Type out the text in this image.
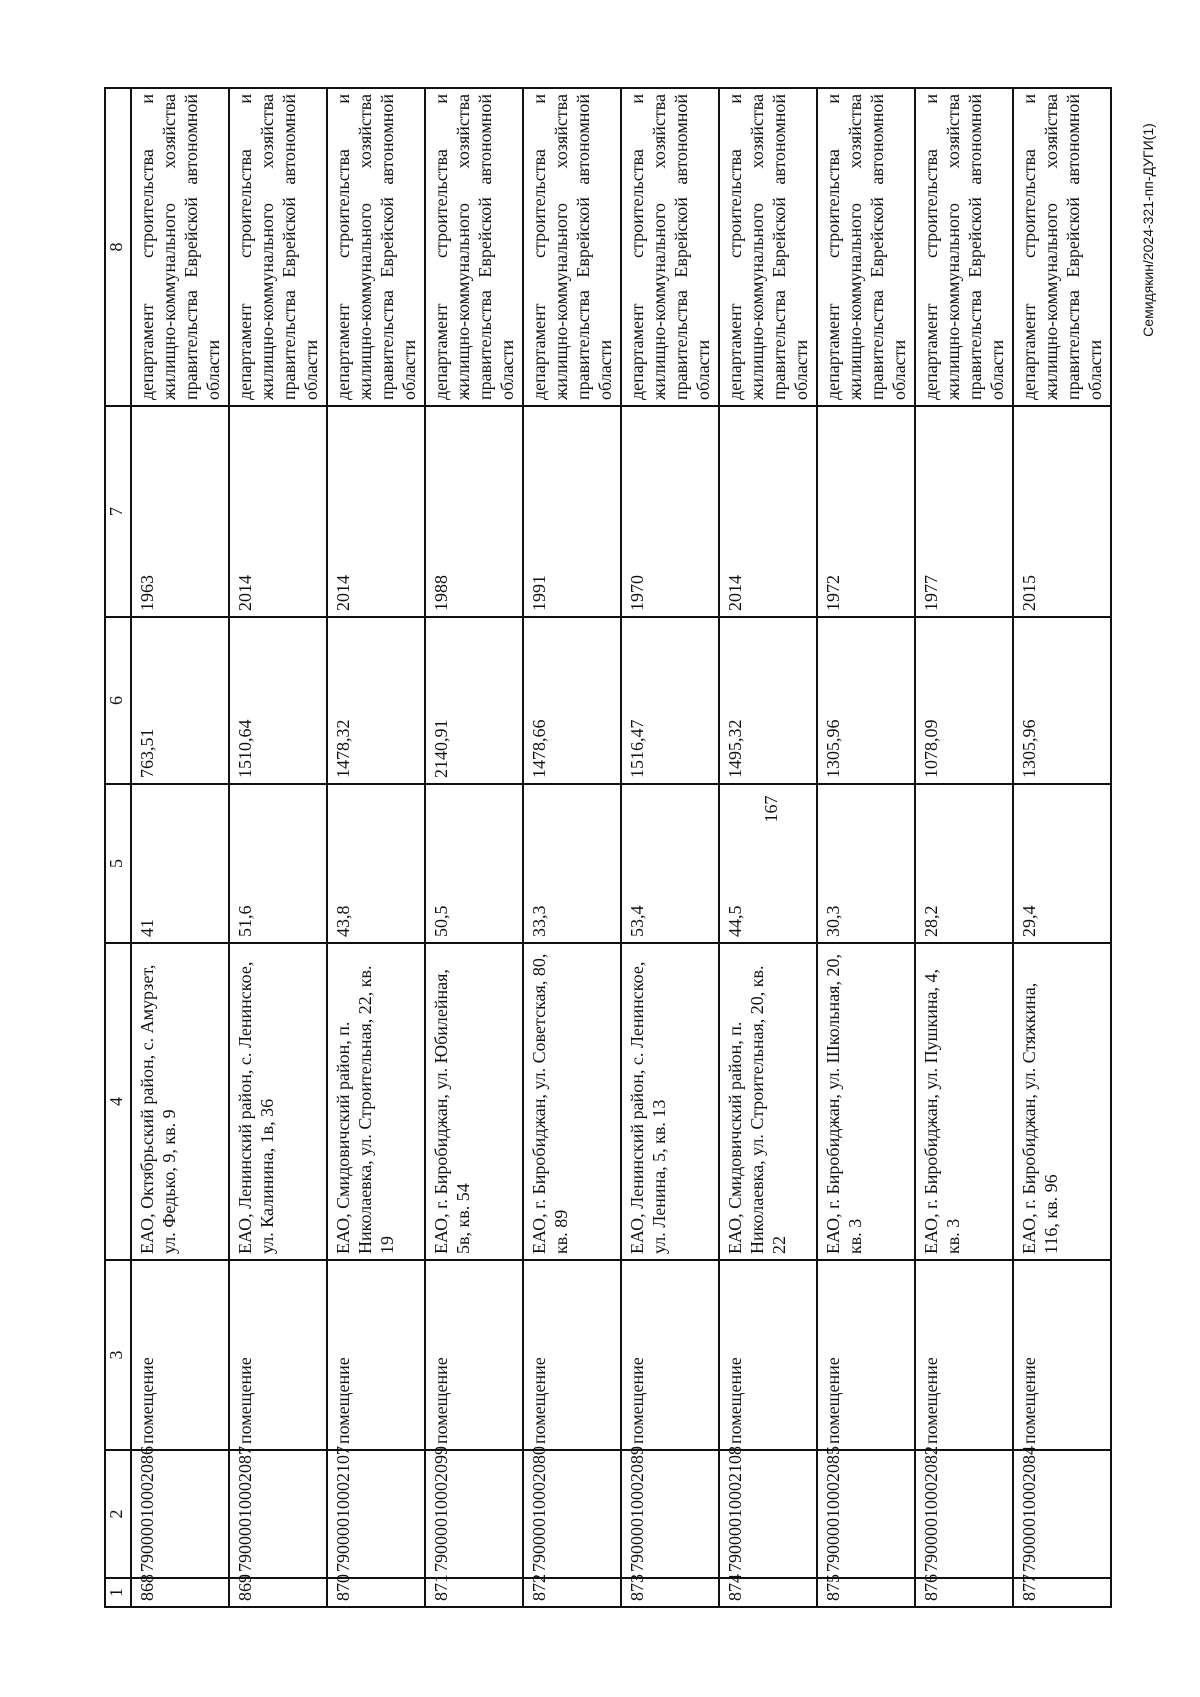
167
Семидякин/2024-321-пп-ДУГИ(1)
1	2	3	4	5	6	7	8
868	79000010002086	помещение	ЕАО, Октябрьский район, с. Амурзет, ул. Федько, 9, кв. 9	41	763,51	1963	департамент строительства и жилищно-коммунального хозяйства правительства Еврейской автономной области
869	79000010002087	помещение	ЕАО, Ленинский район, с. Ленинское, ул. Калинина, 1в, 36	51,6	1510,64	2014	департамент строительства и жилищно-коммунального хозяйства правительства Еврейской автономной области
870	79000010002107	помещение	ЕАО, Смидовичский район, п. Николаевка, ул. Строительная, 22, кв. 19	43,8	1478,32	2014	департамент строительства и жилищно-коммунального хозяйства правительства Еврейской автономной области
871	79000010002099	помещение	ЕАО, г. Биробиджан, ул. Юбилейная, 5в, кв. 54	50,5	2140,91	1988	департамент строительства и жилищно-коммунального хозяйства правительства Еврейской автономной области
872	79000010002080	помещение	ЕАО, г. Биробиджан, ул. Советская, 80, кв. 89	33,3	1478,66	1991	департамент строительства и жилищно-коммунального хозяйства правительства Еврейской автономной области
873	79000010002089	помещение	ЕАО, Ленинский район, с. Ленинское, ул. Ленина, 5, кв. 13	53,4	1516,47	1970	департамент строительства и жилищно-коммунального хозяйства правительства Еврейской автономной области
874	79000010002108	помещение	ЕАО, Смидовичский район, п. Николаевка, ул. Строительная, 20, кв. 22	44,5	1495,32	2014	департамент строительства и жилищно-коммунального хозяйства правительства Еврейской автономной области
875	79000010002085	помещение	ЕАО, г. Биробиджан, ул. Школьная, 20, кв. 3	30,3	1305,96	1972	департамент строительства и жилищно-коммунального хозяйства правительства Еврейской автономной области
876	79000010002082	помещение	ЕАО, г. Биробиджан, ул. Пушкина, 4, кв. 3	28,2	1078,09	1977	департамент строительства и жилищно-коммунального хозяйства правительства Еврейской автономной области
877	79000010002084	помещение	ЕАО, г. Биробиджан, ул. Стяжкина, 116, кв. 96	29,4	1305,96	2015	департамент строительства и жилищно-коммунального хозяйства правительства Еврейской автономной области
